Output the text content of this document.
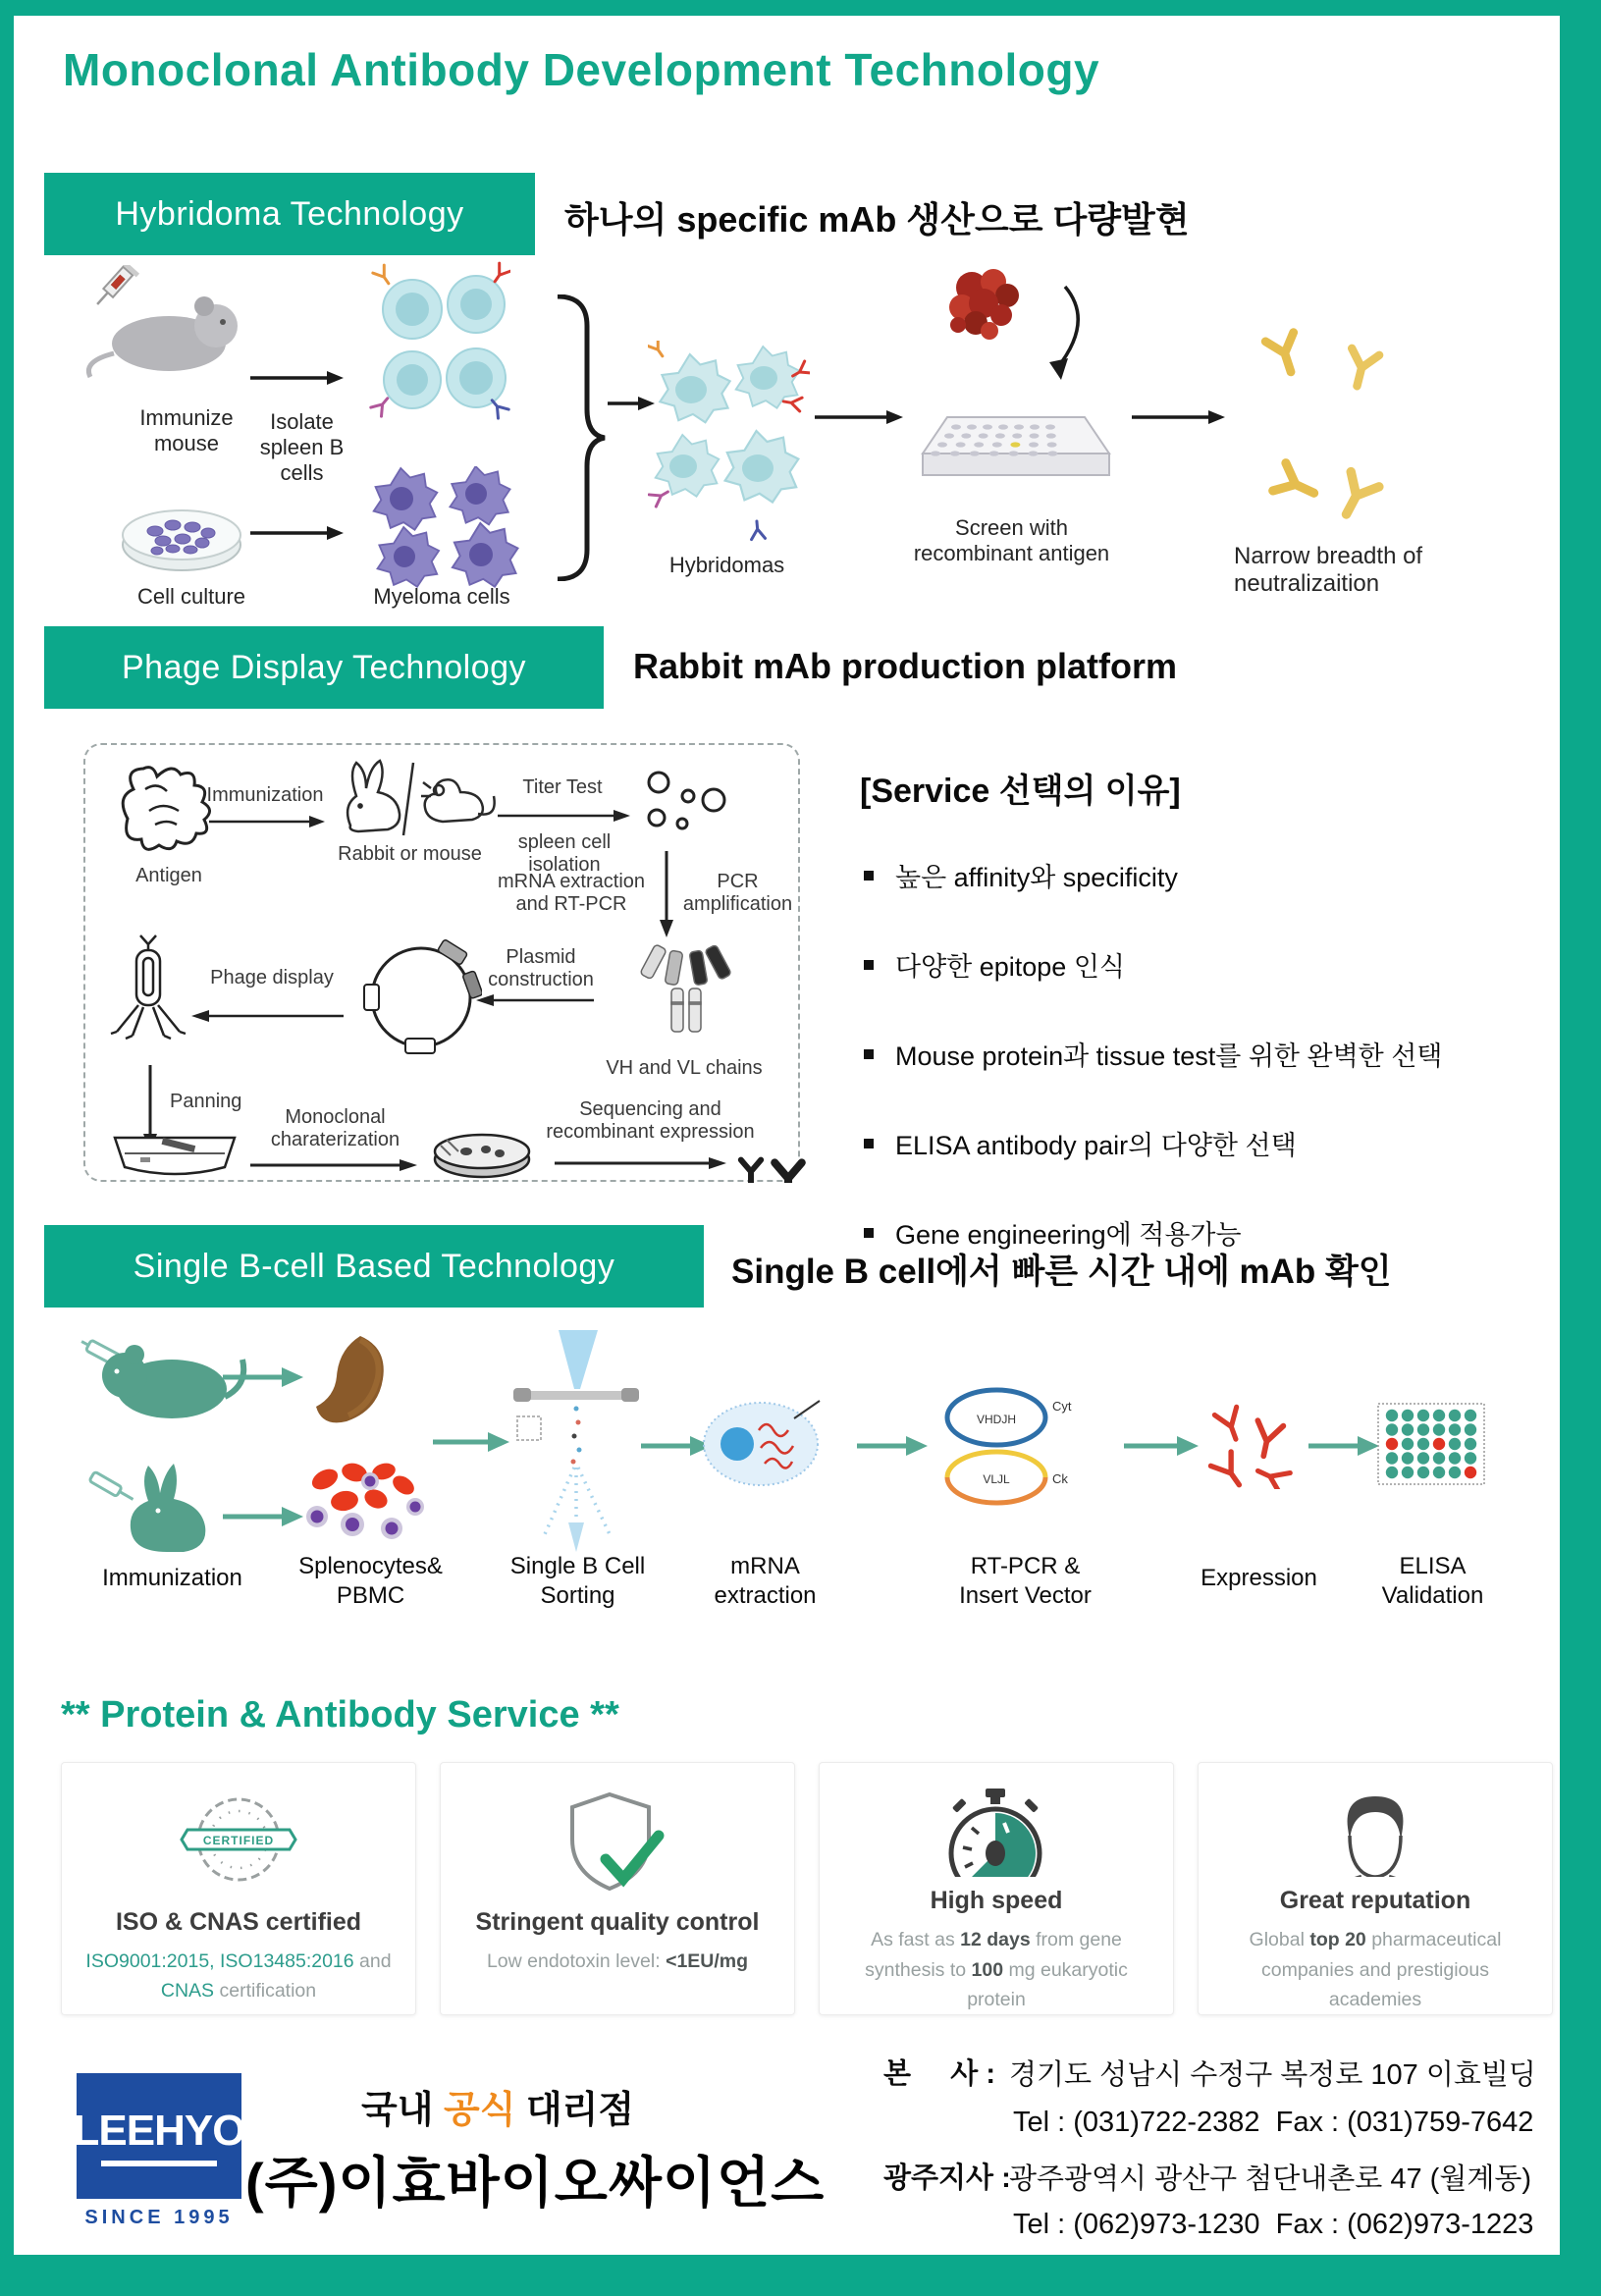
Monoclonal Antibody Development Technology
Hybridoma Technology	하나의 specific mAb 생산으로 다량발현
Immunize mouse
Isolate spleen B cells
Cell culture	Myeloma cells
Hybridomas
Screen with recombinant antigen	Narrow breadth of neutralizaition
Phage Display Technology	Rabbit mAb production platform
Antigen
Immunization
Rabbit or mouse
Titer Test
spleen cell isolation
mRNA extraction and RT-PCR
PCR amplification
VH and VL chains
Plasmid construction
Phage display
Panning
Monoclonal charaterization
Sequencing and recombinant expression
[Service 선택의 이유]
높은 affinity와 specificity
다양한 epitope 인식
Mouse protein과 tissue test를 위한 완벽한 선택
ELISA antibody pair의 다양한 선택
Gene engineering에 적용가능
Single B-cell Based Technology	Single B cell에서 빠른 시간 내에 mAb 확인
VHDJH
Cyt
VLJL	Ck
Immunization	Splenocytes& PBMC
Single B Cell Sorting
mRNA extraction
RT-PCR & Insert Vector
Expression	ELISA Validation
** Protein & Antibody Service **
CERTIFIED
ISO & CNAS certified

ISO9001:2015, ISO13485:2016 and CNAS certification

Stringent quality control

Low endotoxin level: <1EU/mg

High speed

As fast as 12 days from gene synthesis to 100 mg eukaryotic protein

Great reputation

Global top 20 pharmaceutical companies and prestigious academies

LEEHYO
SINCE 1995
국내 공식 대리점
(주)이효바이오싸이언스
본     사 : 경기도 성남시 수정구 복정로 107 이효빌딩
Tel : (031)722-2382  Fax : (031)759-7642
광주지사 :
광주광역시 광산구 첨단내촌로 47 (월계동)
Tel : (062)973-1230  Fax : (062)973-1223
